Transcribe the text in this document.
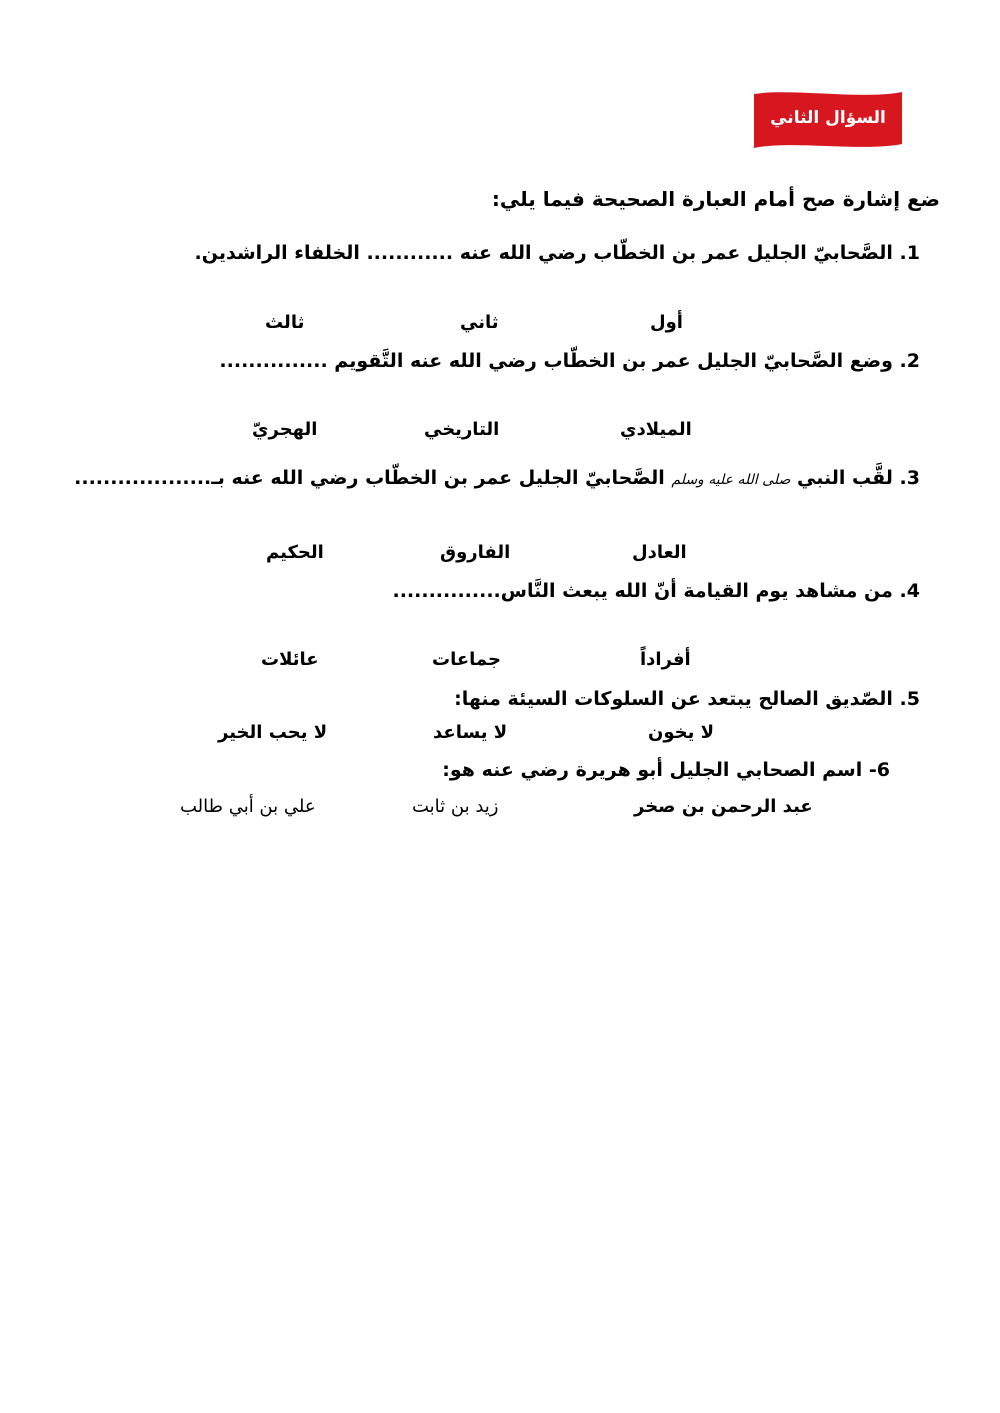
السؤال الثاني
ضع إشارة صح أمام العبارة الصحيحة فيما يلي:
1. الصَّحابيّ الجليل عمر بن الخطّاب رضي الله عنه ............ الخلفاء الراشدين.
أول
ثاني
ثالث
2. وضع الصَّحابيّ الجليل عمر بن الخطّاب رضي الله عنه التَّقويم ...............
الميلادي
التاريخي
الهجريّ
3. لقَّب النبي صلى الله عليه وسلم الصَّحابيّ الجليل عمر بن الخطّاب رضي الله عنه بـ...................
العادل
الفاروق
الحكيم
4. من مشاهد يوم القيامة أنّ الله يبعث النَّاس...............
أفراداً
جماعات
عائلات
5. الصّديق الصالح يبتعد عن السلوكات السيئة منها:
لا يخون
لا يساعد
لا يحب الخير
6- اسم الصحابي الجليل أبو هريرة رضي عنه هو:
عبد الرحمن بن صخر
زيد بن ثابت
علي بن أبي طالب
